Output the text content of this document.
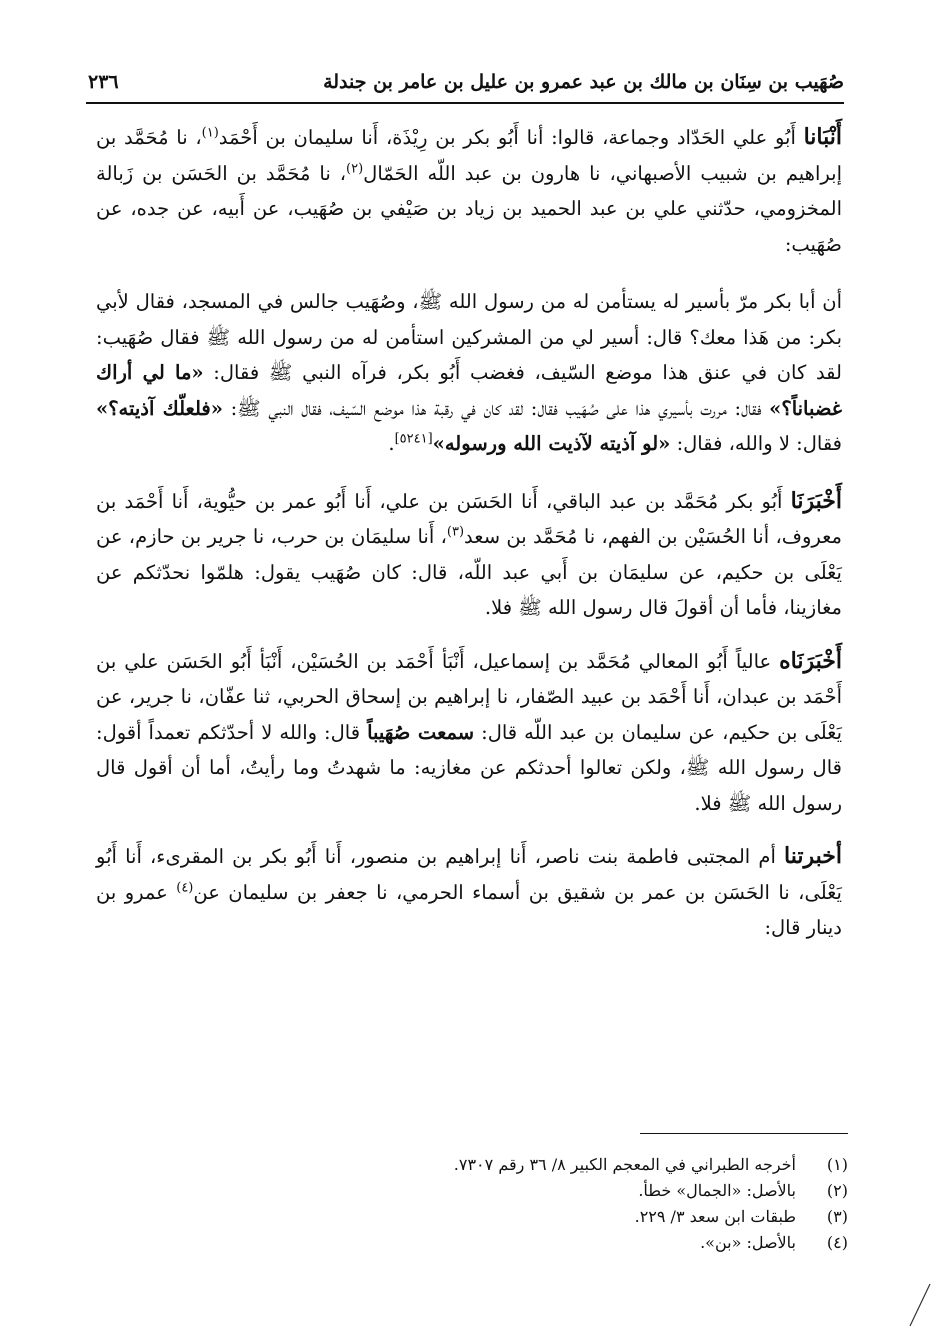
صُهَيب بن سِنَان بن مالك بن عبد عمرو بن عليل بن عامر بن جندلة
٢٣٦

أَنْبَانا أَبُو علي الحَدّاد وجماعة، قالوا: أنا أَبُو بكر بن رِيْذَة، أَنا سليمان بن أَحْمَد$^{(١)}$، نا مُحَمَّد بن إبراهيم بن شبيب الأصبهاني، نا هارون بن عبد اللّه الحَمّال$^{(٢)}$، نا مُحَمَّد بن الحَسَن بن زَبالة المخزومي، حدّثني علي بن عبد الحميد بن زياد بن صَيْفي بن صُهَيب، عن أَبيه، عن جده، عن صُهَيب:

أن أبا بكر مرّ بأسير له يستأمن له من رسول الله ﷺ، وصُهَيب جالس في المسجد، فقال لأبي بكر: من هَذا معك؟ قال: أسير لي من المشركين استأمن له من رسول الله ﷺ فقال صُهَيب: لقد كان في عنق هذا موضع السّيف، فغضب أَبُو بكر، فرآه النبي ﷺ فقال: «ما لي أراك غضباناً؟» فقال: مررت بأسيري هذا على صُهَيب فقال: لقد كان في رقبة هذا موضع السّيف، فقال النبي ﷺ: «فلعلّك آذيته؟» فقال: لا والله، فقال: «لو آذيته لآذيت الله ورسوله»[٥٢٤١].

أَخْبَرَنَا أَبُو بكر مُحَمَّد بن عبد الباقي، أَنا الحَسَن بن علي، أَنا أَبُو عمر بن حيُّوية، أَنا أَحْمَد بن معروف، أنا الحُسَيْن بن الفهم، نا مُحَمَّد بن سعد$^{(٣)}$، أَنا سليمَان بن حرب، نا جرير بن حازم، عن يَعْلَى بن حكيم، عن سليمَان بن أَبي عبد اللّه، قال: كان صُهَيب يقول: هلمّوا نحدّثكم عن مغازينا، فأما أن أقولَ قال رسول الله ﷺ فلا.

أَخْبَرَنَاه عالياً أَبُو المعالي مُحَمَّد بن إسماعيل، أَنْبَأ أَحْمَد بن الحُسَيْن، أَنْبَأ أَبُو الحَسَن علي بن أَحْمَد بن عبدان، أَنا أَحْمَد بن عبيد الصّفار، نا إبراهيم بن إسحاق الحربي، ثنا عفّان، نا جرير، عن يَعْلَى بن حكيم، عن سليمان بن عبد اللّه قال: سمعت صُهَيباً قال: والله لا أحدّثكم تعمداً أقول: قال رسول الله ﷺ، ولكن تعالوا أحدثكم عن مغازيه: ما شهدتُ وما رأيتُ، أما أن أقول قال رسول الله ﷺ فلا.

أخبرتنا أم المجتبى فاطمة بنت ناصر، أَنا إبراهيم بن منصور، أَنا أَبُو بكر بن المقرىء، أَنا أَبُو يَعْلَى، نا الحَسَن بن عمر بن شقيق بن أسماء الحرمي، نا جعفر بن سليمان عن$^{(٤)}$ عمرو بن دينار قال:

(١)
أخرجه الطبراني في المعجم الكبير ٨/ ٣٦ رقم ٧٣٠٧.
(٢)
بالأصل: «الجمال» خطأ.
(٣)
طبقات ابن سعد ٣/ ٢٢٩.
(٤)
بالأصل: «بن».
